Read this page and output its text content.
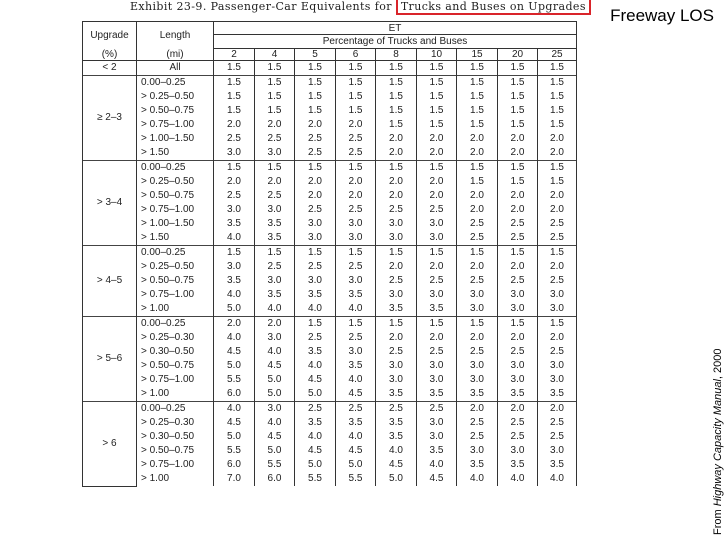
Exhibit 23-9. Passenger-Car Equivalents for Trucks and Buses on Upgrades Freeway LOS
From Highway Capacity Manual, 2000
Upgrade	Length	ET								
		Percentage of Trucks and Buses								
(%)	(mi)	2	4	5	6	8	10	15	20	25
< 2	All	1.5	1.5	1.5	1.5	1.5	1.5	1.5	1.5	1.5
≥ 2–3	0.00–0.25	1.5	1.5	1.5	1.5	1.5	1.5	1.5	1.5	1.5
	> 0.25–0.50	1.5	1.5	1.5	1.5	1.5	1.5	1.5	1.5	1.5
	> 0.50–0.75	1.5	1.5	1.5	1.5	1.5	1.5	1.5	1.5	1.5
	> 0.75–1.00	2.0	2.0	2.0	2.0	1.5	1.5	1.5	1.5	1.5
	> 1.00–1.50	2.5	2.5	2.5	2.5	2.0	2.0	2.0	2.0	2.0
	> 1.50	3.0	3.0	2.5	2.5	2.0	2.0	2.0	2.0	2.0
> 3–4	0.00–0.25	1.5	1.5	1.5	1.5	1.5	1.5	1.5	1.5	1.5
	> 0.25–0.50	2.0	2.0	2.0	2.0	2.0	2.0	1.5	1.5	1.5
	> 0.50–0.75	2.5	2.5	2.0	2.0	2.0	2.0	2.0	2.0	2.0
	> 0.75–1.00	3.0	3.0	2.5	2.5	2.5	2.5	2.0	2.0	2.0
	> 1.00–1.50	3.5	3.5	3.0	3.0	3.0	3.0	2.5	2.5	2.5
	> 1.50	4.0	3.5	3.0	3.0	3.0	3.0	2.5	2.5	2.5
> 4–5	0.00–0.25	1.5	1.5	1.5	1.5	1.5	1.5	1.5	1.5	1.5
	> 0.25–0.50	3.0	2.5	2.5	2.5	2.0	2.0	2.0	2.0	2.0
	> 0.50–0.75	3.5	3.0	3.0	3.0	2.5	2.5	2.5	2.5	2.5
	> 0.75–1.00	4.0	3.5	3.5	3.5	3.0	3.0	3.0	3.0	3.0
	> 1.00	5.0	4.0	4.0	4.0	3.5	3.5	3.0	3.0	3.0
> 5–6	0.00–0.25	2.0	2.0	1.5	1.5	1.5	1.5	1.5	1.5	1.5
	> 0.25–0.30	4.0	3.0	2.5	2.5	2.0	2.0	2.0	2.0	2.0
	> 0.30–0.50	4.5	4.0	3.5	3.0	2.5	2.5	2.5	2.5	2.5
	> 0.50–0.75	5.0	4.5	4.0	3.5	3.0	3.0	3.0	3.0	3.0
	> 0.75–1.00	5.5	5.0	4.5	4.0	3.0	3.0	3.0	3.0	3.0
	> 1.00	6.0	5.0	5.0	4.5	3.5	3.5	3.5	3.5	3.5
> 6	0.00–0.25	4.0	3.0	2.5	2.5	2.5	2.5	2.0	2.0	2.0
	> 0.25–0.30	4.5	4.0	3.5	3.5	3.5	3.0	2.5	2.5	2.5
	> 0.30–0.50	5.0	4.5	4.0	4.0	3.5	3.0	2.5	2.5	2.5
	> 0.50–0.75	5.5	5.0	4.5	4.5	4.0	3.5	3.0	3.0	3.0
	> 0.75–1.00	6.0	5.5	5.0	5.0	4.5	4.0	3.5	3.5	3.5
	> 1.00	7.0	6.0	5.5	5.5	5.0	4.5	4.0	4.0	4.0
